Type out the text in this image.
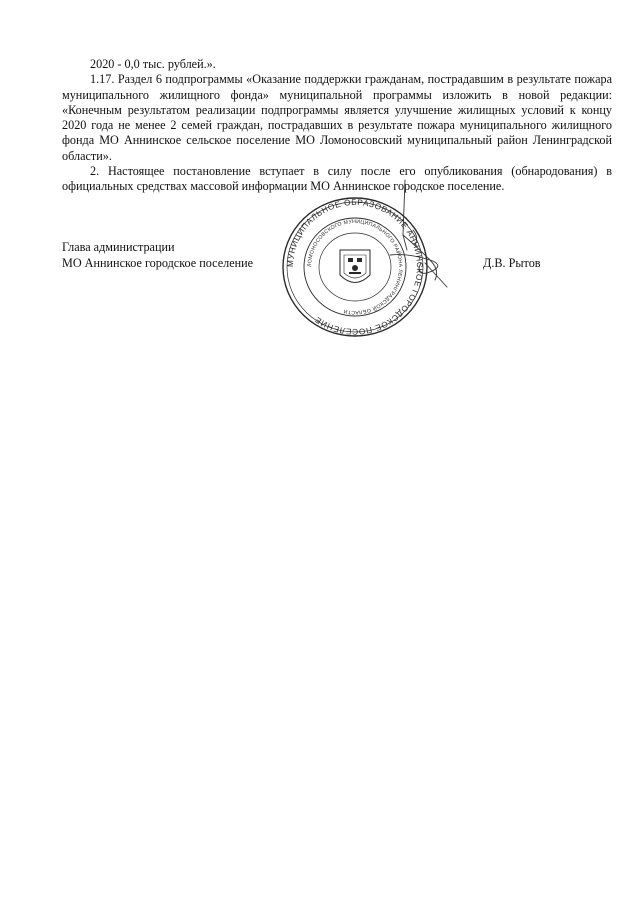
2020 - 0,0 тыс. рублей.».

1.17. Раздел 6 подпрограммы «Оказание поддержки гражданам, пострадавшим в результате пожара муниципального жилищного фонда» муниципальной программы изложить в новой редакции: «Конечным результатом реализации подпрограммы является улучшение жилищных условий к концу 2020 года не менее 2 семей граждан, пострадавших в результате пожара муниципального жилищного фонда МО Аннинское сельское поселение МО Ломоносовский муниципальный район Ленинградской области».

2. Настоящее постановление вступает в силу после его опубликования (обнародования) в официальных средствах массовой информации МО Аннинское городское поселение.

Глава администрации
МО Аннинское городское поселение	Д.В. Рытов
МУНИЦИПАЛЬНОЕ ОБРАЗОВАНИЕ АННИНСКОЕ ГОРОДСКОЕ ПОСЕЛЕНИЕ
ЛОМОНОСОВСКОГО МУНИЦИПАЛЬНОГО РАЙОНА ЛЕНИНГРАДСКОЙ ОБЛАСТИ
